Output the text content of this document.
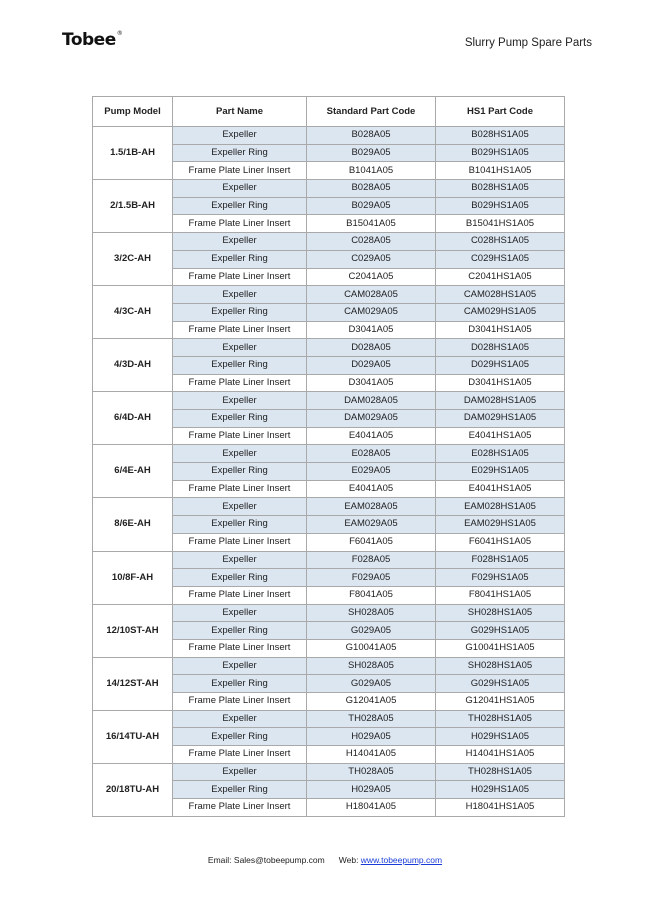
Tobee®
Slurry Pump Spare Parts
Pump Model	Part Name	Standard Part Code	HS1 Part Code
1.5/1B-AH	Expeller	B028A05	B028HS1A05
	Expeller Ring	B029A05	B029HS1A05
	Frame Plate Liner Insert	B1041A05	B1041HS1A05
2/1.5B-AH	Expeller	B028A05	B028HS1A05
	Expeller Ring	B029A05	B029HS1A05
	Frame Plate Liner Insert	B15041A05	B15041HS1A05
3/2C-AH	Expeller	C028A05	C028HS1A05
	Expeller Ring	C029A05	C029HS1A05
	Frame Plate Liner Insert	C2041A05	C2041HS1A05
4/3C-AH	Expeller	CAM028A05	CAM028HS1A05
	Expeller Ring	CAM029A05	CAM029HS1A05
	Frame Plate Liner Insert	D3041A05	D3041HS1A05
4/3D-AH	Expeller	D028A05	D028HS1A05
	Expeller Ring	D029A05	D029HS1A05
	Frame Plate Liner Insert	D3041A05	D3041HS1A05
6/4D-AH	Expeller	DAM028A05	DAM028HS1A05
	Expeller Ring	DAM029A05	DAM029HS1A05
	Frame Plate Liner Insert	E4041A05	E4041HS1A05
6/4E-AH	Expeller	E028A05	E028HS1A05
	Expeller Ring	E029A05	E029HS1A05
	Frame Plate Liner Insert	E4041A05	E4041HS1A05
8/6E-AH	Expeller	EAM028A05	EAM028HS1A05
	Expeller Ring	EAM029A05	EAM029HS1A05
	Frame Plate Liner Insert	F6041A05	F6041HS1A05
10/8F-AH	Expeller	F028A05	F028HS1A05
	Expeller Ring	F029A05	F029HS1A05
	Frame Plate Liner Insert	F8041A05	F8041HS1A05
12/10ST-AH	Expeller	SH028A05	SH028HS1A05
	Expeller Ring	G029A05	G029HS1A05
	Frame Plate Liner Insert	G10041A05	G10041HS1A05
14/12ST-AH	Expeller	SH028A05	SH028HS1A05
	Expeller Ring	G029A05	G029HS1A05
	Frame Plate Liner Insert	G12041A05	G12041HS1A05
16/14TU-AH	Expeller	TH028A05	TH028HS1A05
	Expeller Ring	H029A05	H029HS1A05
	Frame Plate Liner Insert	H14041A05	H14041HS1A05
20/18TU-AH	Expeller	TH028A05	TH028HS1A05
	Expeller Ring	H029A05	H029HS1A05
	Frame Plate Liner Insert	H18041A05	H18041HS1A05
Email: Sales@tobeepump.com Web: www.tobeepump.com
